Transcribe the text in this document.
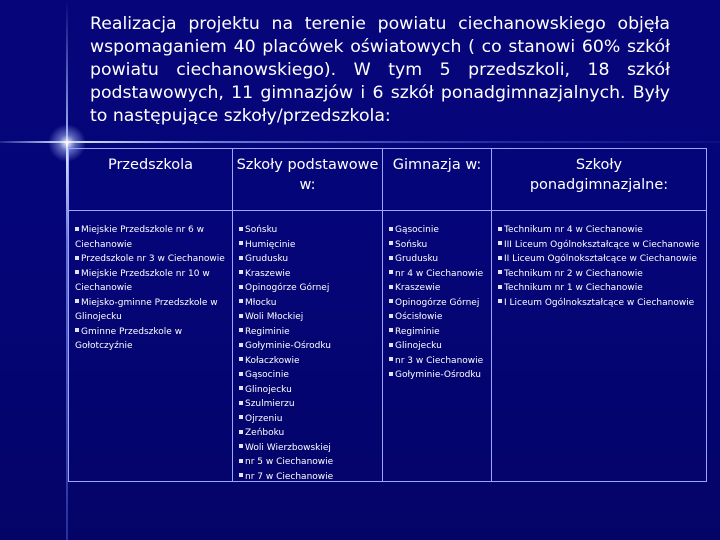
Realizacja projektu na terenie powiatu ciechanowskiego objęła wspomaganiem 40 placówek oświatowych ( co stanowi 60% szkół powiatu ciechanowskiego). W tym 5 przedszkoli, 18 szkół podstawowych, 11 gimnazjów i 6 szkół ponadgimnazjalnych. Były to następujące szkoły/przedszkola:
Przedszkola
Miejskie Przedszkole nr 6 w Ciechanowie
Przedszkole nr 3 w Ciechanowie
Miejskie Przedszkole nr 10 w Ciechanowie
Miejsko-gminne Przedszkole w Glinojecku
Gminne Przedszkole w Gołotczyźnie
Szkoły podstawowe w:
Sońsku
Humięcinie
Grudusku
Kraszewie
Opinogórze Górnej
Młocku
Woli Młockiej
Regiminie
Gołyminie-Ośrodku
Kołaczkowie
Gąsocinie
Glinojecku
Szulmierzu
Ojrzeniu
Zeńboku
Woli Wierzbowskiej
nr 5 w Ciechanowie
nr 7 w Ciechanowie
Gimnazja w:
Gąsocinie
Sońsku
Grudusku
nr 4 w Ciechanowie
Kraszewie
Opinogórze Górnej
Ościsłowie
Regiminie
Glinojecku
nr 3 w Ciechanowie
Gołyminie-Ośrodku
Szkoły ponadgimnazjalne:
Technikum nr 4 w Ciechanowie
III Liceum Ogólnokształcące w Ciechanowie
II Liceum Ogólnokształcące w Ciechanowie
Technikum nr 2 w Ciechanowie
Technikum nr 1 w Ciechanowie
I Liceum Ogólnokształcące w Ciechanowie
